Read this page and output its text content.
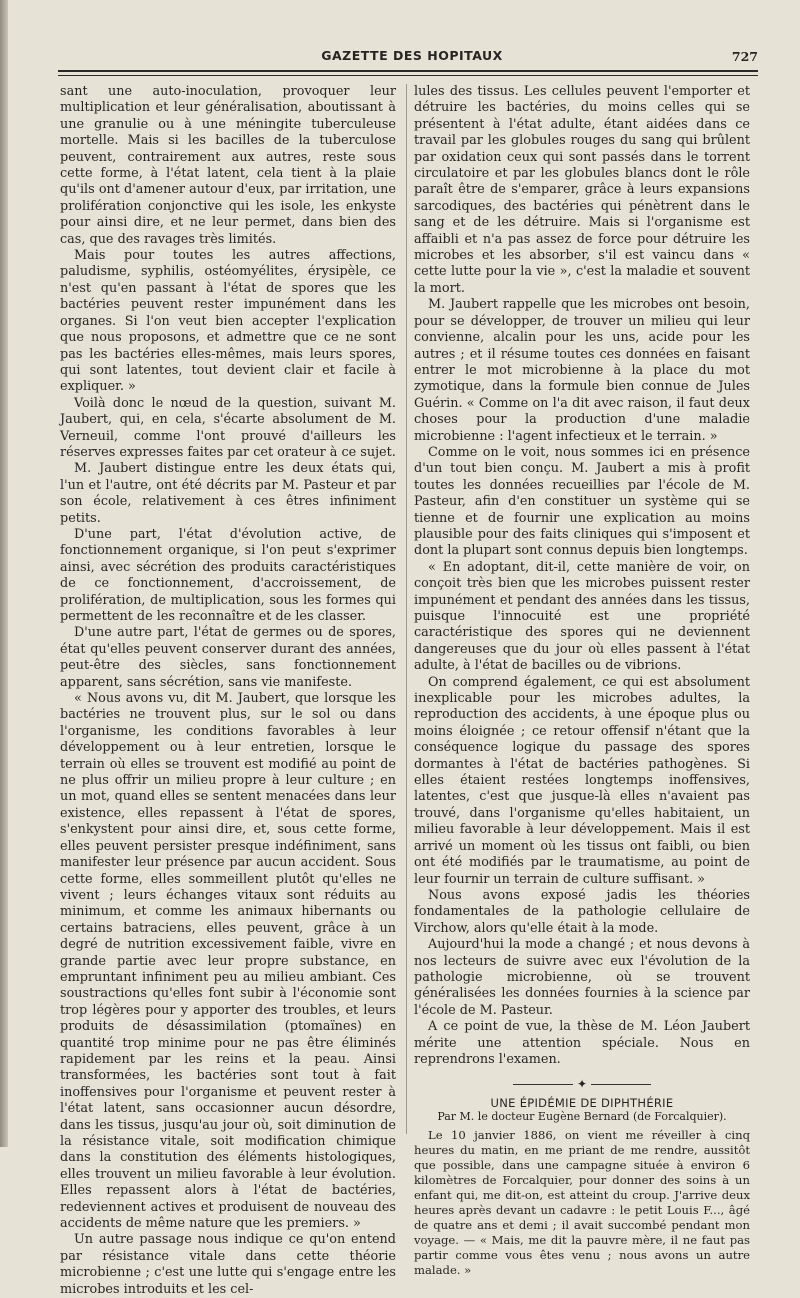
GAZETTE DES HOPITAUX	727

sant une auto-inoculation, provoquer leur multiplication et leur généralisation, aboutissant à une granulie ou à une méningite tuberculeuse mortelle. Mais si les bacilles de la tuberculose peuvent, contrairement aux autres, reste sous cette forme, à l'état latent, cela tient à la plaie qu'ils ont d'amener autour d'eux, par irritation, une prolifération conjonctive qui les isole, les enkyste pour ainsi dire, et ne leur permet, dans bien des cas, que des ravages très limités.

Mais pour toutes les autres affections, paludisme, syphilis, ostéomyélites, érysipèle, ce n'est qu'en passant à l'état de spores que les bactéries peuvent rester impunément dans les organes. Si l'on veut bien accepter l'explication que nous proposons, et admettre que ce ne sont pas les bactéries elles-mêmes, mais leurs spores, qui sont latentes, tout devient clair et facile à expliquer. »

Voilà donc le nœud de la question, suivant M. Jaubert, qui, en cela, s'écarte absolument de M. Verneuil, comme l'ont prouvé d'ailleurs les réserves expresses faites par cet orateur à ce sujet.

M. Jaubert distingue entre les deux états qui, l'un et l'autre, ont été décrits par M. Pasteur et par son école, relativement à ces êtres infiniment petits.

D'une part, l'état d'évolution active, de fonctionnement organique, si l'on peut s'exprimer ainsi, avec sécrétion des produits caractéristiques de ce fonctionnement, d'accroissement, de prolifération, de multiplication, sous les formes qui permettent de les reconnaître et de les classer.

D'une autre part, l'état de germes ou de spores, état qu'elles peuvent conserver durant des années, peut-être des siècles, sans fonctionnement apparent, sans sécrétion, sans vie manifeste.

« Nous avons vu, dit M. Jaubert, que lorsque les bactéries ne trouvent plus, sur le sol ou dans l'organisme, les conditions favorables à leur développement ou à leur entretien, lorsque le terrain où elles se trouvent est modifié au point de ne plus offrir un milieu propre à leur culture ; en un mot, quand elles se sentent menacées dans leur existence, elles repassent à l'état de spores, s'enkystent pour ainsi dire, et, sous cette forme, elles peuvent persister presque indéfiniment, sans manifester leur présence par aucun accident. Sous cette forme, elles sommeillent plutôt qu'elles ne vivent ; leurs échanges vitaux sont réduits au minimum, et comme les animaux hibernants ou certains batraciens, elles peuvent, grâce à un degré de nutrition excessivement faible, vivre en grande partie avec leur propre substance, en empruntant infiniment peu au milieu ambiant. Ces soustractions qu'elles font subir à l'économie sont trop légères pour y apporter des troubles, et leurs produits de désassimilation (ptomaïnes) en quantité trop minime pour ne pas être éliminés rapidement par les reins et la peau. Ainsi transformées, les bactéries sont tout à fait inoffensives pour l'organisme et peuvent rester à l'état latent, sans occasionner aucun désordre, dans les tissus, jusqu'au jour où, soit diminution de la résistance vitale, soit modification chimique dans la constitution des éléments histologiques, elles trouvent un milieu favorable à leur évolution. Elles repassent alors à l'état de bactéries, redeviennent actives et produisent de nouveau des accidents de même nature que les premiers. »

Un autre passage nous indique ce qu'on entend par résistance vitale dans cette théorie microbienne ; c'est une lutte qui s'engage entre les microbes introduits et les cel-

lules des tissus. Les cellules peuvent l'emporter et détruire les bactéries, du moins celles qui se présentent à l'état adulte, étant aidées dans ce travail par les globules rouges du sang qui brûlent par oxidation ceux qui sont passés dans le torrent circulatoire et par les globules blancs dont le rôle paraît être de s'emparer, grâce à leurs expansions sarcodiques, des bactéries qui pénètrent dans le sang et de les détruire. Mais si l'organisme est affaibli et n'a pas assez de force pour détruire les microbes et les absorber, s'il est vaincu dans « cette lutte pour la vie », c'est la maladie et souvent la mort.

M. Jaubert rappelle que les microbes ont besoin, pour se développer, de trouver un milieu qui leur convienne, alcalin pour les uns, acide pour les autres ; et il résume toutes ces données en faisant entrer le mot microbienne à la place du mot zymotique, dans la formule bien connue de Jules Guérin. « Comme on l'a dit avec raison, il faut deux choses pour la production d'une maladie microbienne : l'agent infectieux et le terrain. »

Comme on le voit, nous sommes ici en présence d'un tout bien conçu. M. Jaubert a mis à profit toutes les données recueillies par l'école de M. Pasteur, afin d'en constituer un système qui se tienne et de fournir une explication au moins plausible pour des faits cliniques qui s'imposent et dont la plupart sont connus depuis bien longtemps.

« En adoptant, dit-il, cette manière de voir, on conçoit très bien que les microbes puissent rester impunément et pendant des années dans les tissus, puisque l'innocuité est une propriété caractéristique des spores qui ne deviennent dangereuses que du jour où elles passent à l'état adulte, à l'état de bacilles ou de vibrions.

On comprend également, ce qui est absolument inexplicable pour les microbes adultes, la reproduction des accidents, à une époque plus ou moins éloignée ; ce retour offensif n'étant que la conséquence logique du passage des spores dormantes à l'état de bactéries pathogènes. Si elles étaient restées longtemps inoffensives, latentes, c'est que jusque-là elles n'avaient pas trouvé, dans l'organisme qu'elles habitaient, un milieu favorable à leur développement. Mais il est arrivé un moment où les tissus ont faibli, ou bien ont été modifiés par le traumatisme, au point de leur fournir un terrain de culture suffisant. »

Nous avons exposé jadis les théories fondamentales de la pathologie cellulaire de Virchow, alors qu'elle était à la mode.

Aujourd'hui la mode a changé ; et nous devons à nos lecteurs de suivre avec eux l'évolution de la pathologie microbienne, où se trouvent généralisées les données fournies à la science par l'école de M. Pasteur.

A ce point de vue, la thèse de M. Léon Jaubert mérite une attention spéciale. Nous en reprendrons l'examen.

✦
UNE ÉPIDÉMIE DE DIPHTHÉRIE
Par M. le docteur Eugène Bernard (de Forcalquier).

Le 10 janvier 1886, on vient me réveiller à cinq heures du matin, en me priant de me rendre, aussitôt que possible, dans une campagne située à environ 6 kilomètres de Forcalquier, pour donner des soins à un enfant qui, me dit-on, est atteint du croup. J'arrive deux heures après devant un cadavre : le petit Louis F..., âgé de quatre ans et demi ; il avait succombé pendant mon voyage. — « Mais, me dit la pauvre mère, il ne faut pas partir comme vous êtes venu ; nous avons un autre malade. »
